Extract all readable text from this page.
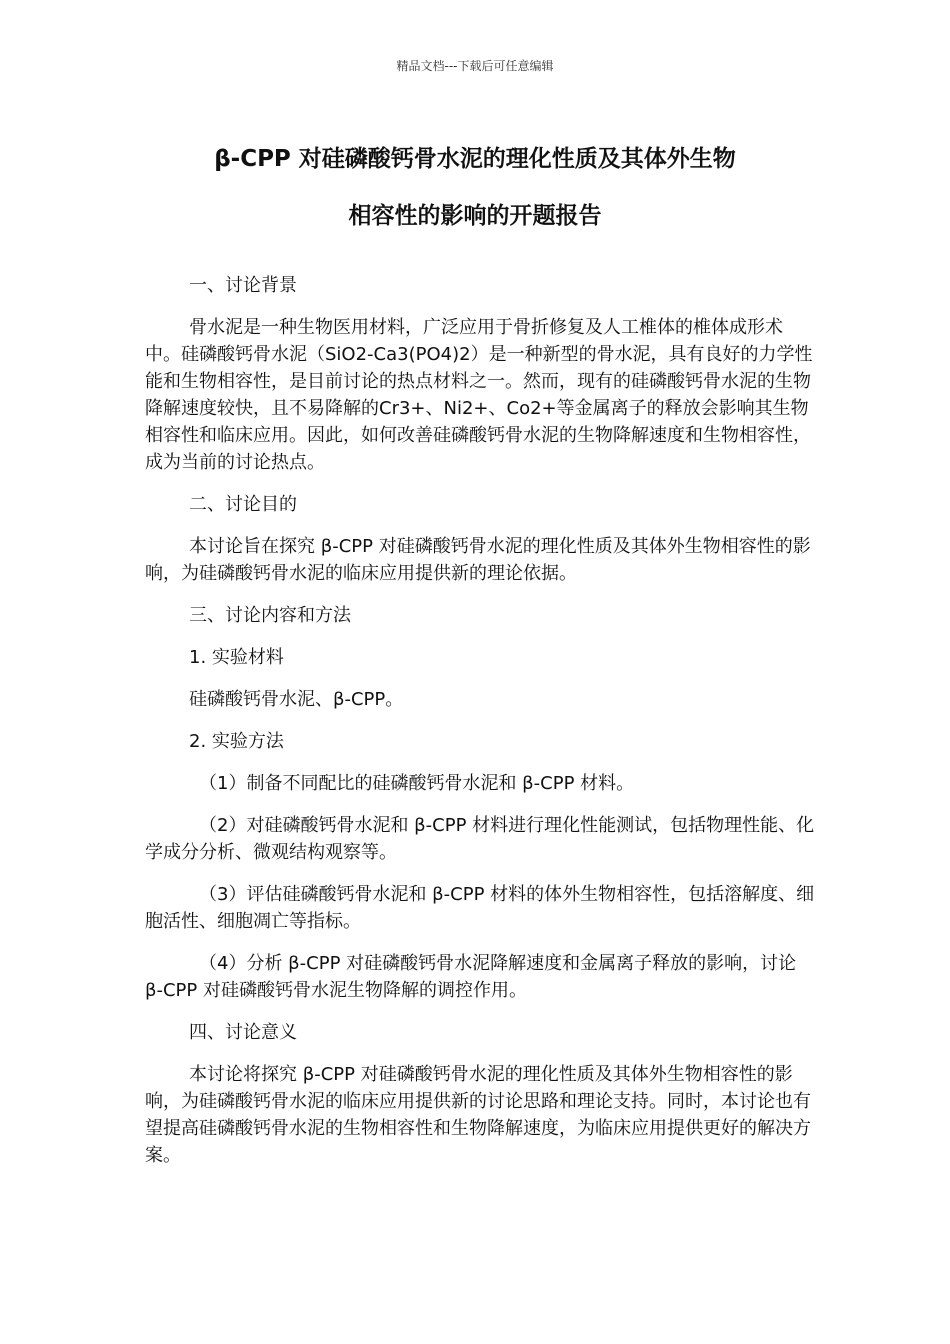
精品文档---下载后可任意编辑
β-CPP 对硅磷酸钙骨水泥的理化性质及其体外生物
相容性的影响的开题报告

一、讨论背景

骨水泥是一种生物医用材料，广泛应用于骨折修复及人工椎体的椎体成形术中。硅磷酸钙骨水泥（SiO2-Ca3(PO4)2）是一种新型的骨水泥，具有良好的力学性能和生物相容性，是目前讨论的热点材料之一。然而，现有的硅磷酸钙骨水泥的生物降解速度较快，且不易降解的Cr3+、Ni2+、Co2+等金属离子的释放会影响其生物相容性和临床应用。因此，如何改善硅磷酸钙骨水泥的生物降解速度和生物相容性，成为当前的讨论热点。

二、讨论目的

本讨论旨在探究 β-CPP 对硅磷酸钙骨水泥的理化性质及其体外生物相容性的影响，为硅磷酸钙骨水泥的临床应用提供新的理论依据。

三、讨论内容和方法

1. 实验材料

硅磷酸钙骨水泥、β-CPP。

2. 实验方法

（1）制备不同配比的硅磷酸钙骨水泥和 β-CPP 材料。

（2）对硅磷酸钙骨水泥和 β-CPP 材料进行理化性能测试，包括物理性能、化学成分分析、微观结构观察等。

（3）评估硅磷酸钙骨水泥和 β-CPP 材料的体外生物相容性，包括溶解度、细胞活性、细胞凋亡等指标。

（4）分析 β-CPP 对硅磷酸钙骨水泥降解速度和金属离子释放的影响，讨论 β-CPP 对硅磷酸钙骨水泥生物降解的调控作用。

四、讨论意义

本讨论将探究 β-CPP 对硅磷酸钙骨水泥的理化性质及其体外生物相容性的影响，为硅磷酸钙骨水泥的临床应用提供新的讨论思路和理论支持。同时，本讨论也有望提高硅磷酸钙骨水泥的生物相容性和生物降解速度，为临床应用提供更好的解决方案。
